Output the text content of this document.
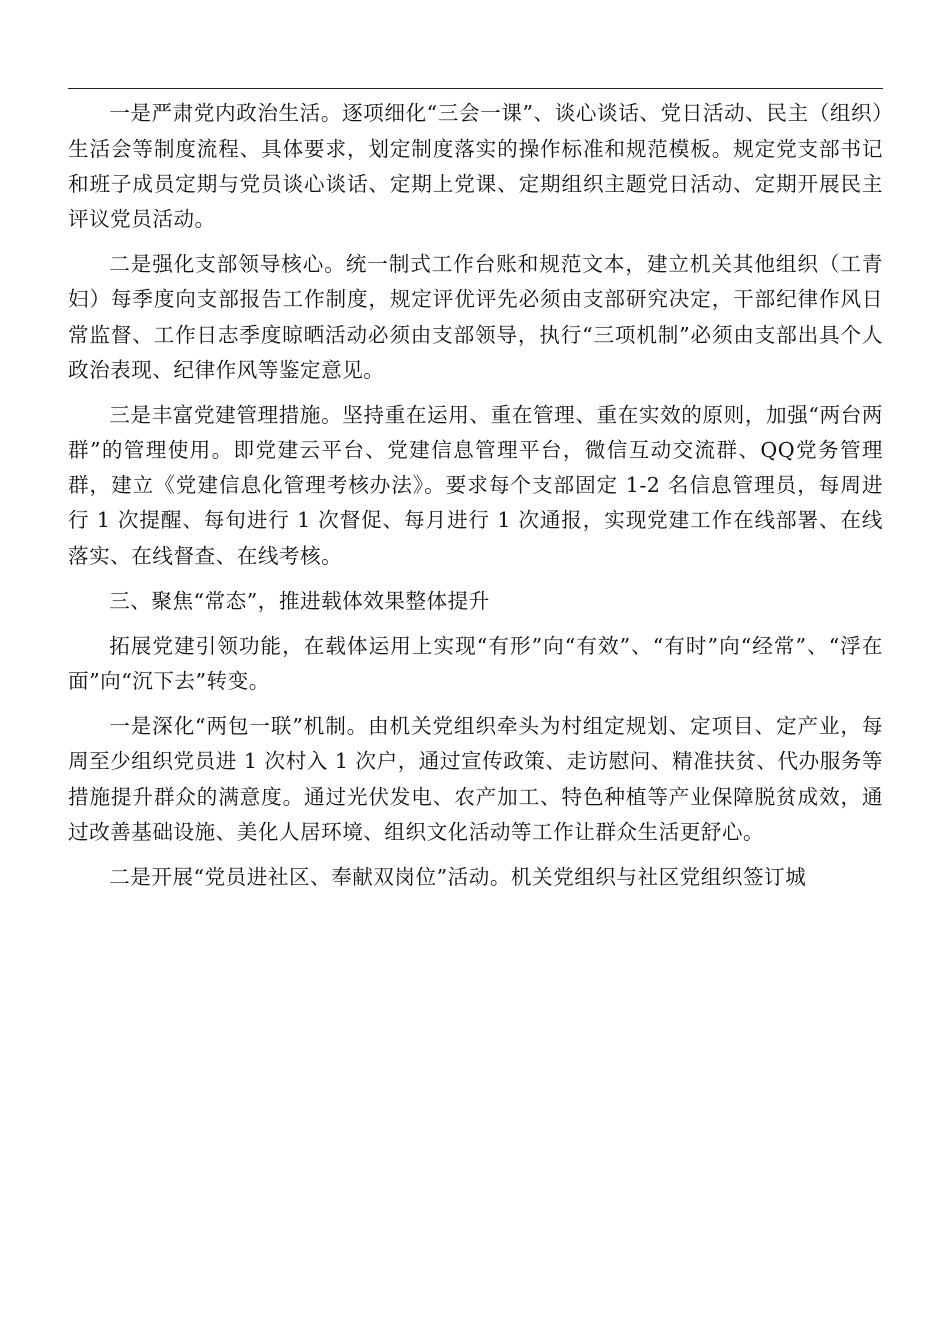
一是严肃党内政治生活。逐项细化“三会一课”、谈心谈话、党日活动、民主（组织）生活会等制度流程、具体要求，划定制度落实的操作标准和规范模板。规定党支部书记和班子成员定期与党员谈心谈话、定期上党课、定期组织主题党日活动、定期开展民主评议党员活动。

二是强化支部领导核心。统一制式工作台账和规范文本，建立机关其他组织（工青妇）每季度向支部报告工作制度，规定评优评先必须由支部研究决定，干部纪律作风日常监督、工作日志季度晾晒活动必须由支部领导，执行“三项机制”必须由支部出具个人政治表现、纪律作风等鉴定意见。

三是丰富党建管理措施。坚持重在运用、重在管理、重在实效的原则，加强“两台两群”的管理使用。即党建云平台、党建信息管理平台，微信互动交流群、QQ党务管理群，建立《党建信息化管理考核办法》。要求每个支部固定 1-2 名信息管理员，每周进行 1 次提醒、每旬进行 1 次督促、每月进行 1 次通报，实现党建工作在线部署、在线落实、在线督查、在线考核。

三、聚焦“常态”，推进载体效果整体提升

拓展党建引领功能，在载体运用上实现“有形”向“有效”、“有时”向“经常”、“浮在面”向“沉下去”转变。

一是深化“两包一联”机制。由机关党组织牵头为村组定规划、定项目、定产业，每周至少组织党员进 1 次村入 1 次户，通过宣传政策、走访慰问、精准扶贫、代办服务等措施提升群众的满意度。通过光伏发电、农产加工、特色种植等产业保障脱贫成效，通过改善基础设施、美化人居环境、组织文化活动等工作让群众生活更舒心。

二是开展“党员进社区、奉献双岗位”活动。机关党组织与社区党组织签订城
